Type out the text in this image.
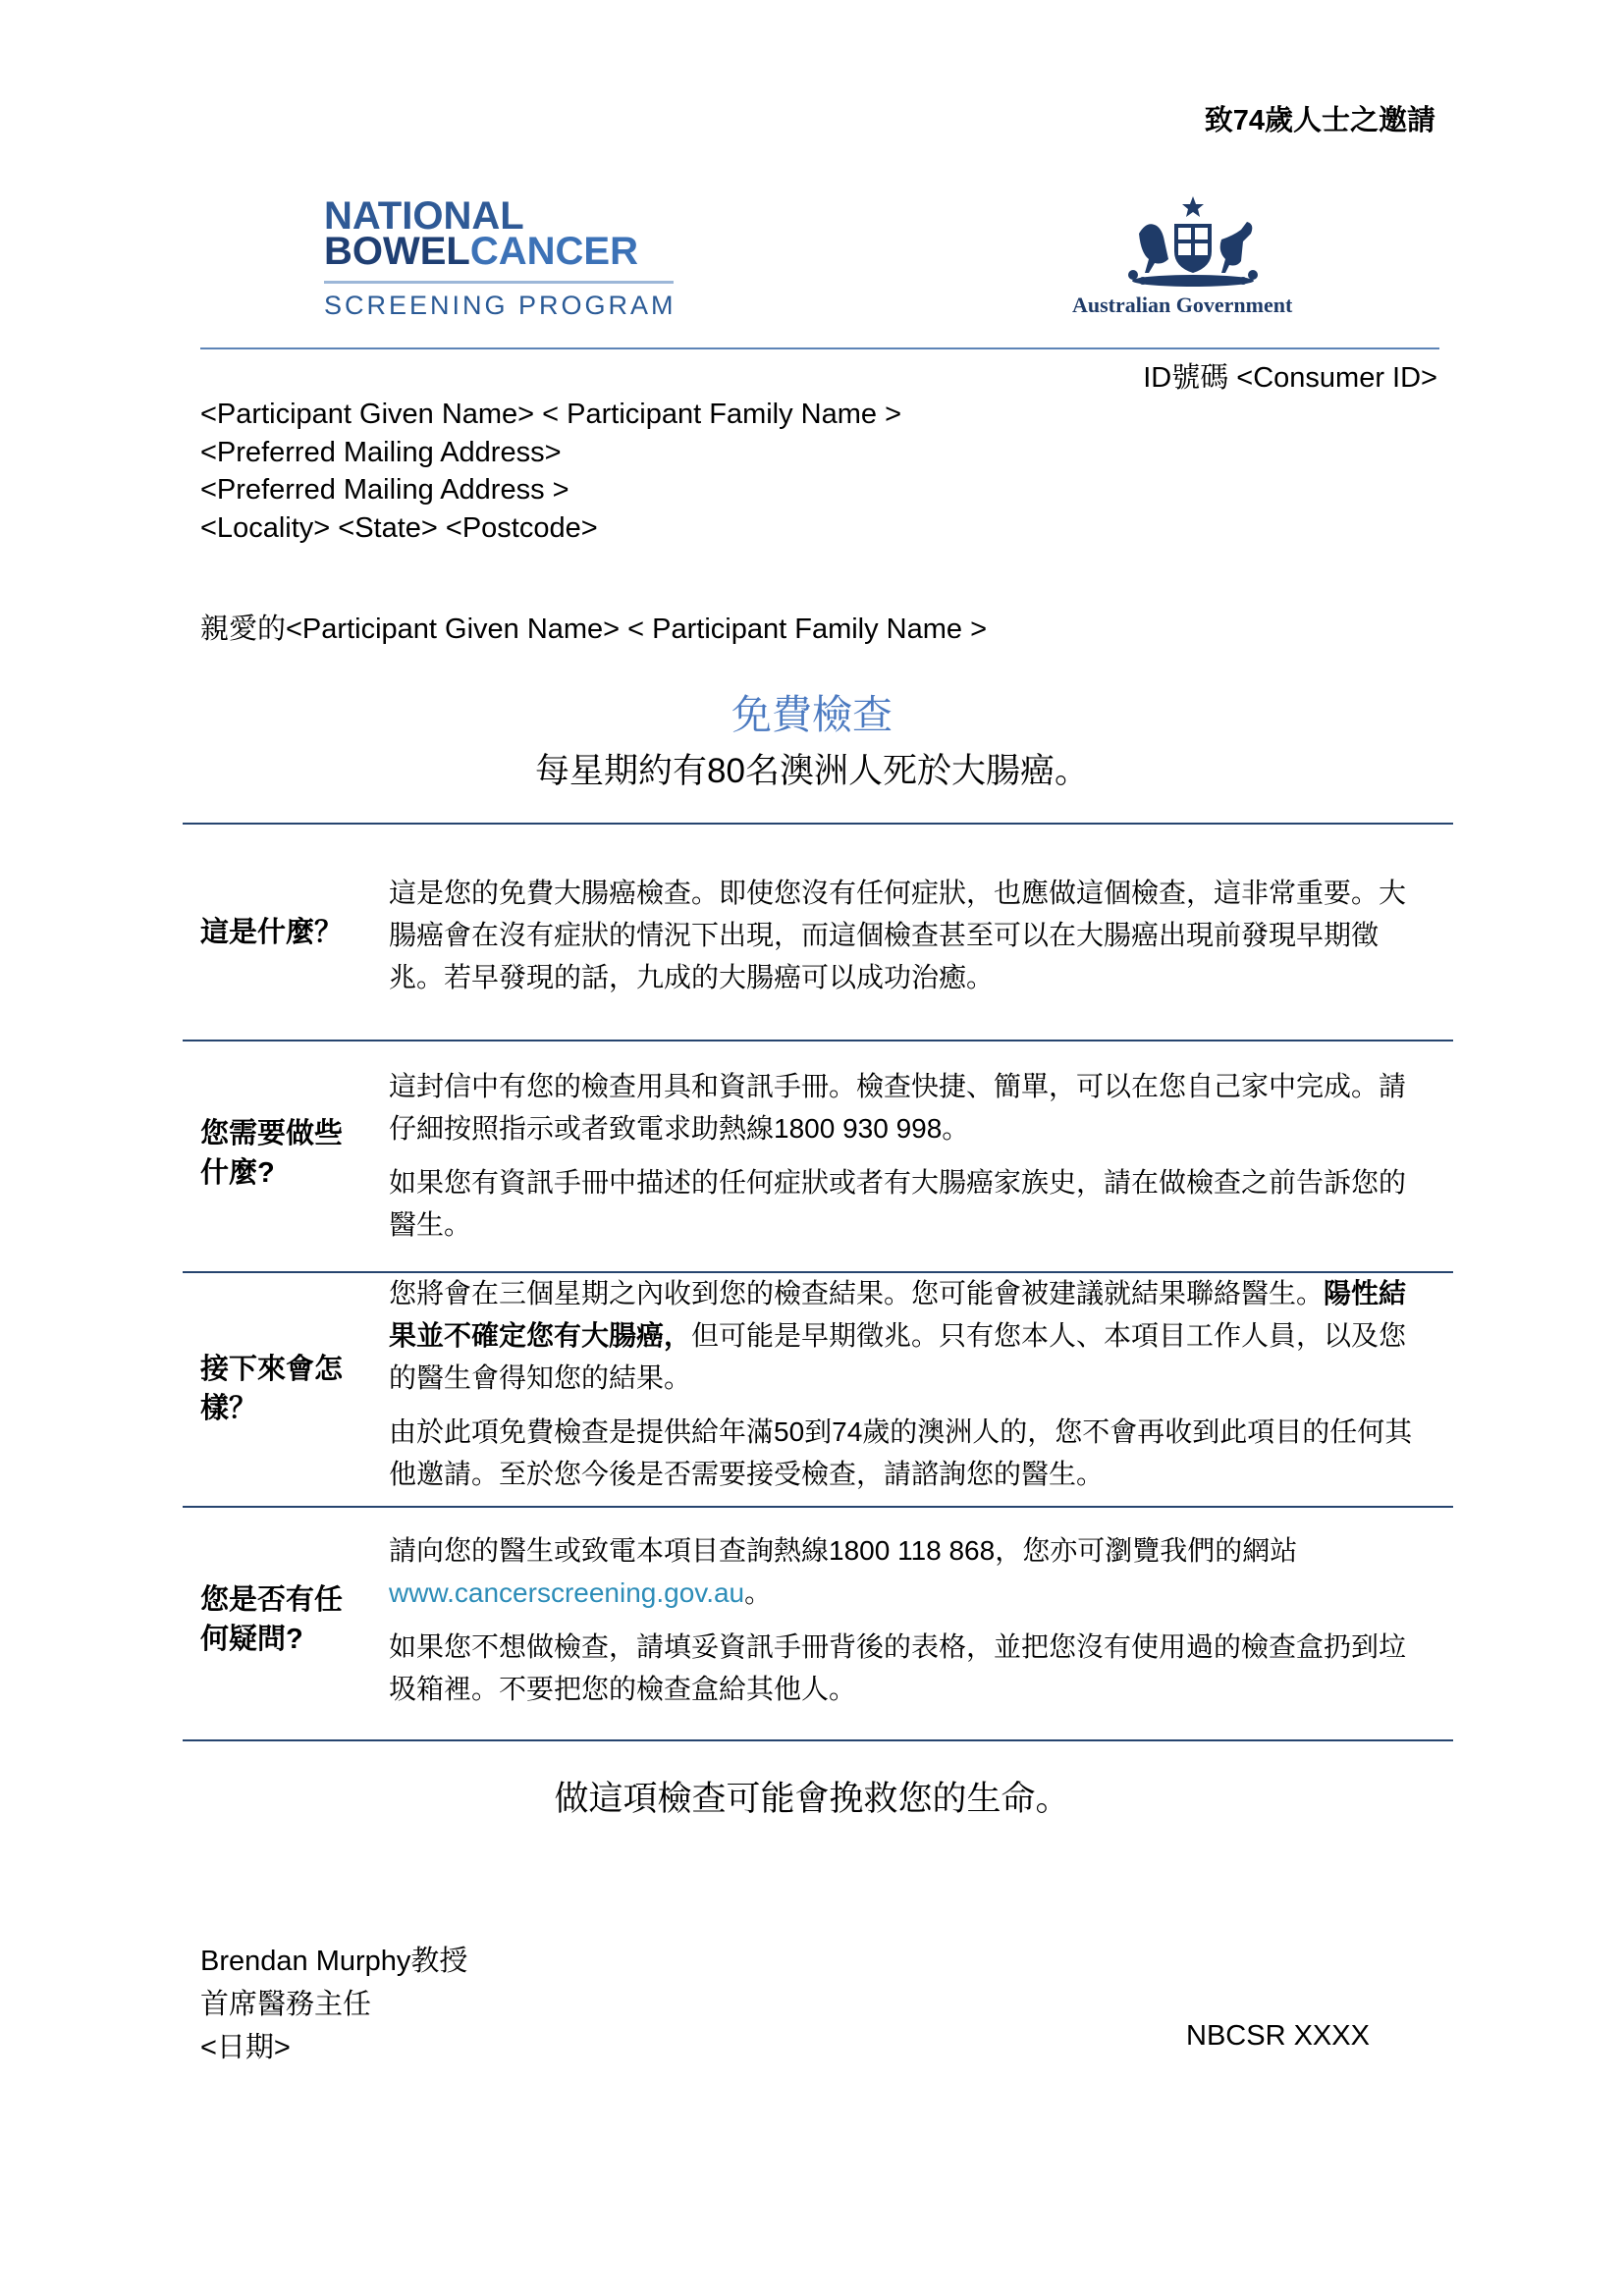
致74歲人士之邀請
NATIONAL
BOWELCANCER
SCREENING PROGRAM	Australian Government
ID號碼 <Consumer ID>
<Participant Given Name> < Participant Family Name >
<Preferred Mailing Address>
<Preferred Mailing Address >
<Locality> <State> <Postcode>
親愛的<Participant Given Name> < Participant Family Name >
免費檢查
每星期約有80名澳洲人死於大腸癌。
這是什麼？

這是您的免費大腸癌檢查。即使您沒有任何症狀，也應做這個檢查，這非常重要。大腸癌會在沒有症狀的情況下出現，而這個檢查甚至可以在大腸癌出現前發現早期徵兆。若早發現的話，九成的大腸癌可以成功治癒。

您需要做些什麼?

這封信中有您的檢查用具和資訊手冊。檢查快捷、簡單，可以在您自己家中完成。請仔細按照指示或者致電求助熱線1800 930 998。

如果您有資訊手冊中描述的任何症狀或者有大腸癌家族史，請在做檢查之前告訴您的醫生。

接下來會怎樣？

您將會在三個星期之內收到您的檢查結果。您可能會被建議就結果聯絡醫生。陽性結果並不確定您有大腸癌，但可能是早期徵兆。只有您本人、本項目工作人員，以及您的醫生會得知您的結果。

由於此項免費檢查是提供給年滿50到74歲的澳洲人的，您不會再收到此項目的任何其他邀請。至於您今後是否需要接受檢查，請諮詢您的醫生。

您是否有任何疑問?

請向您的醫生或致電本項目查詢熱線1800 118 868，您亦可瀏覽我們的網站
www.cancerscreening.gov.au。

如果您不想做檢查，請填妥資訊手冊背後的表格，並把您沒有使用過的檢查盒扔到垃圾箱裡。不要把您的檢查盒給其他人。

做這項檢查可能會挽救您的生命。
Brendan Murphy教授
首席醫務主任
<日期>	NBCSR XXXX
